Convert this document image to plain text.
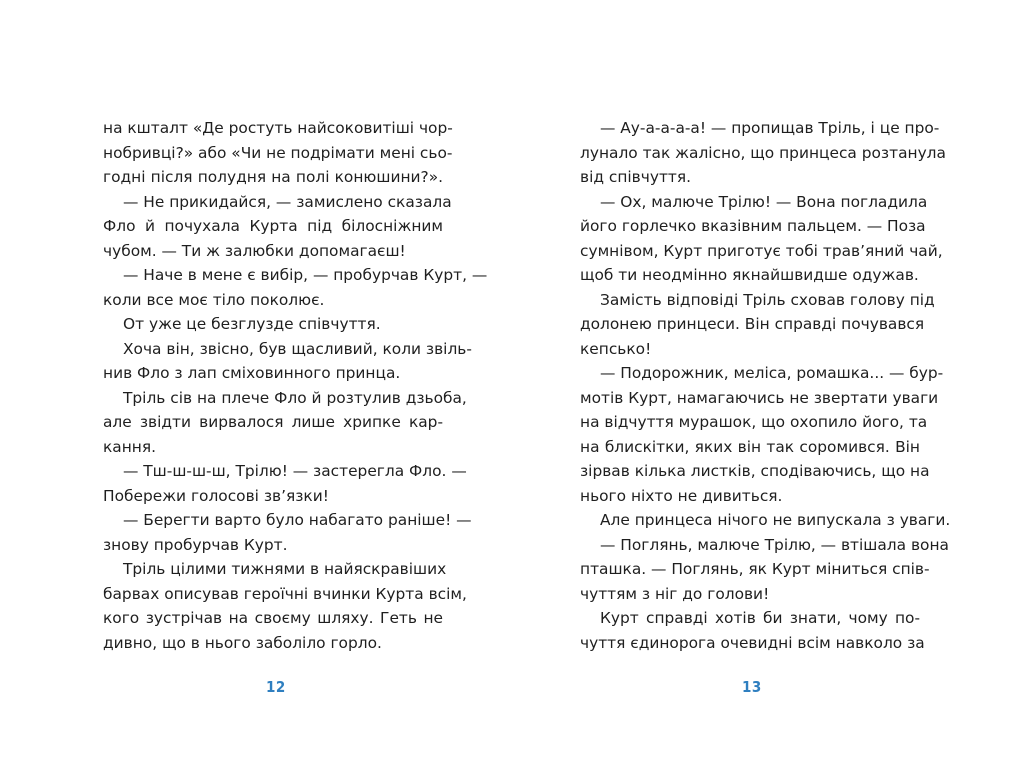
на кшталт «Де ростуть найсоковитіші чор-
нобривці?» або «Чи не подрімати мені сьо-
годні після полудня на полі конюшини?».
— Не прикидайся, — замислено сказала
Фло й почухала Курта під білосніжним
чубом. — Ти ж залюбки допомагаєш!
— Наче в мене є вибір, — пробурчав Курт, —
коли все моє тіло поколює.
От уже це безглузде співчуття.
Хоча він, звісно, був щасливий, коли звіль-
нив Фло з лап сміховинного принца.
Тріль сів на плече Фло й розтулив дзьоба,
але звідти вирвалося лише хрипке кар-
кання.
— Тш-ш-ш-ш, Трілю! — застерегла Фло. —
Побережи голосові зв’язки!
— Берегти варто було набагато раніше! —
знову пробурчав Курт.
Тріль цілими тижнями в найяскравіших
барвах описував героїчні вчинки Курта всім,
кого зустрічав на своєму шляху. Геть не
дивно, що в нього заболіло горло.
— Ау-а-а-а-а! — пропищав Тріль, і це про-
лунало так жалісно, що принцеса розтанула
від співчуття.
— Ох, малюче Трілю! — Вона погладила
його горлечко вказівним пальцем. — Поза
сумнівом, Курт приготує тобі трав’яний чай,
щоб ти неодмінно якнайшвидше одужав.
Замість відповіді Тріль сховав голову під
долонею принцеси. Він справді почувався
кепсько!
— Подорожник, меліса, ромашка... — бур-
мотів Курт, намагаючись не звертати уваги
на відчуття мурашок, що охопило його, та
на блискітки, яких він так соромився. Він
зірвав кілька листків, сподіваючись, що на
нього ніхто не дивиться.
Але принцеса нічого не випускала з уваги.
— Поглянь, малюче Трілю, — втішала вона
пташка. — Поглянь, як Курт міниться спів-
чуттям з ніг до голови!
Курт справді хотів би знати, чому по-
чуття єдинорога очевидні всім навколо за
12	13
